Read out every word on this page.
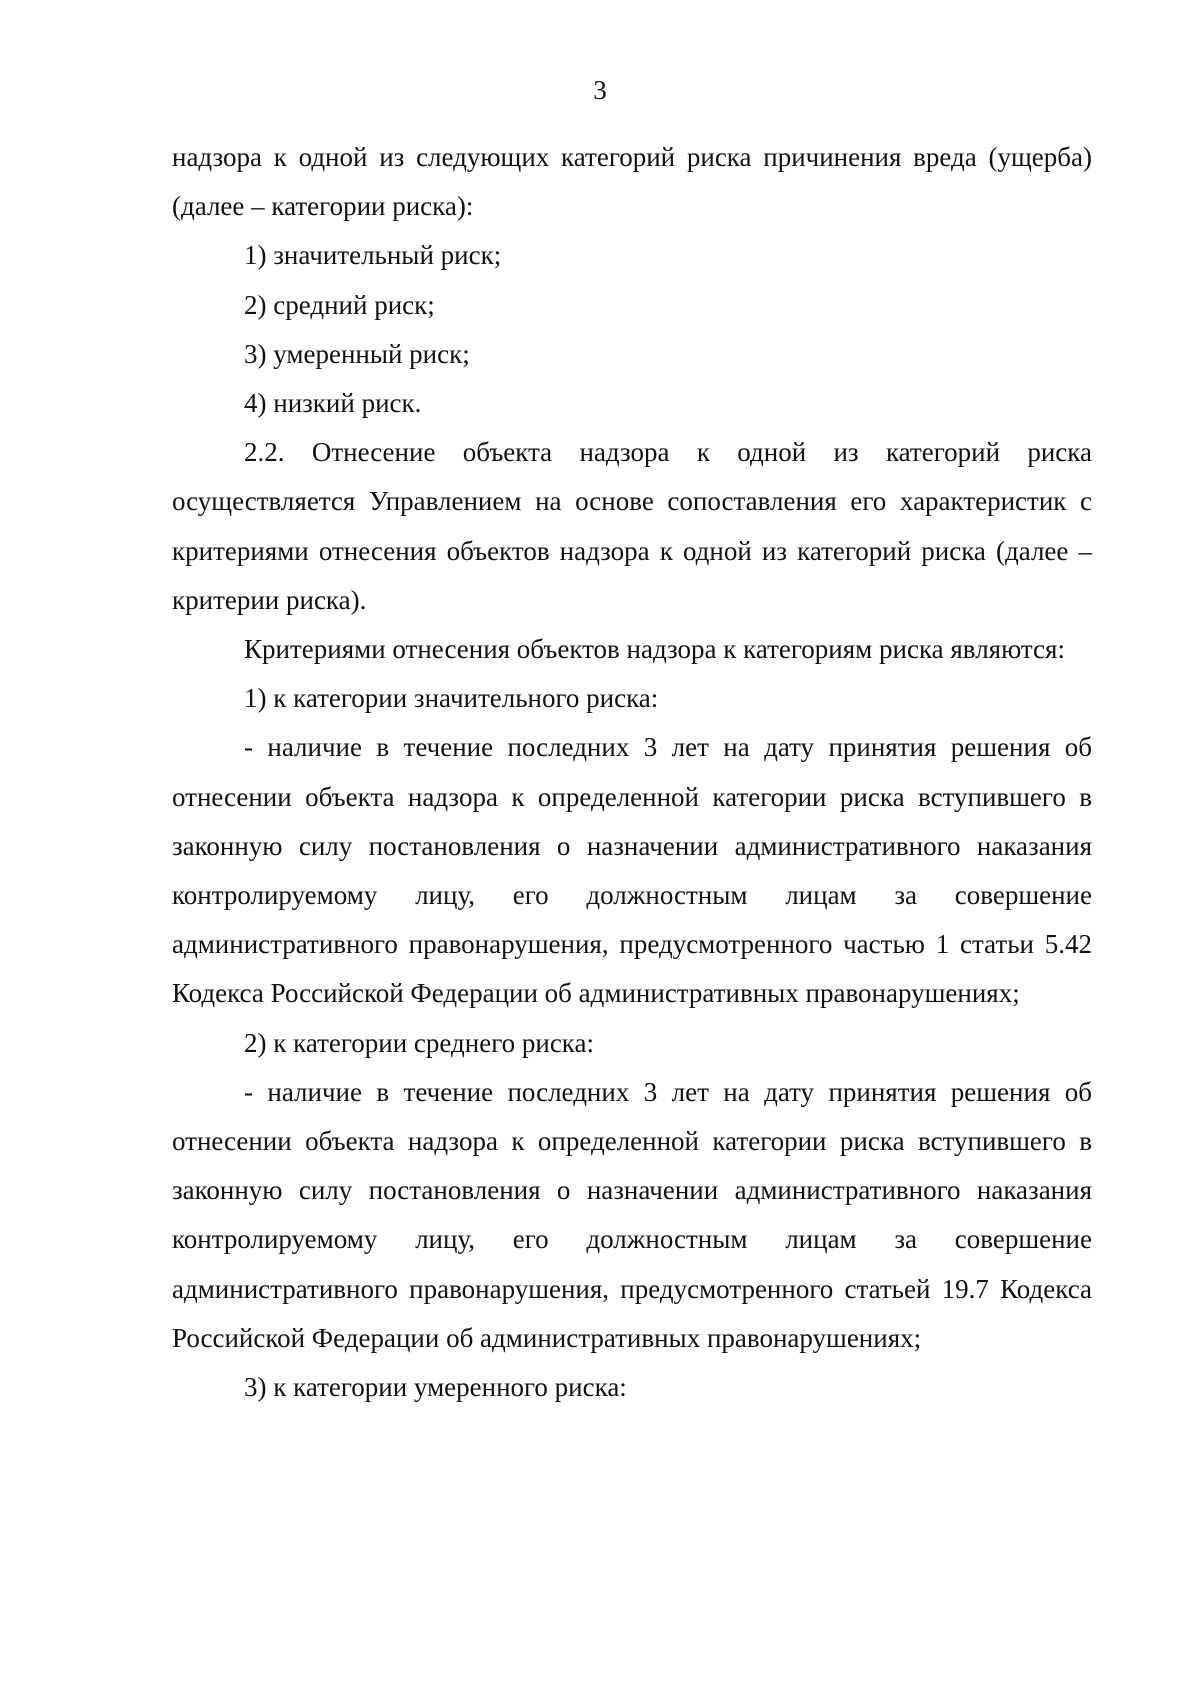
3

надзора к одной из следующих категорий риска причинения вреда (ущерба) (далее – категории риска):

1) значительный риск;

2) средний риск;

3) умеренный риск;

4) низкий риск.

2.2. Отнесение объекта надзора к одной из категорий риска осуществляется Управлением на основе сопоставления его характеристик с критериями отнесения объектов надзора к одной из категорий риска (далее – критерии риска).

Критериями отнесения объектов надзора к категориям риска являются:

1) к категории значительного риска:

- наличие в течение последних 3 лет на дату принятия решения об отнесении объекта надзора к определенной категории риска вступившего в законную силу постановления о назначении административного наказания контролируемому лицу, его должностным лицам за совершение административного правонарушения, предусмотренного частью 1 статьи 5.42 Кодекса Российской Федерации об административных правонарушениях;

2) к категории среднего риска:

- наличие в течение последних 3 лет на дату принятия решения об отнесении объекта надзора к определенной категории риска вступившего в законную силу постановления о назначении административного наказания контролируемому лицу, его должностным лицам за совершение административного правонарушения, предусмотренного статьей 19.7 Кодекса Российской Федерации об административных правонарушениях;

3) к категории умеренного риска:
